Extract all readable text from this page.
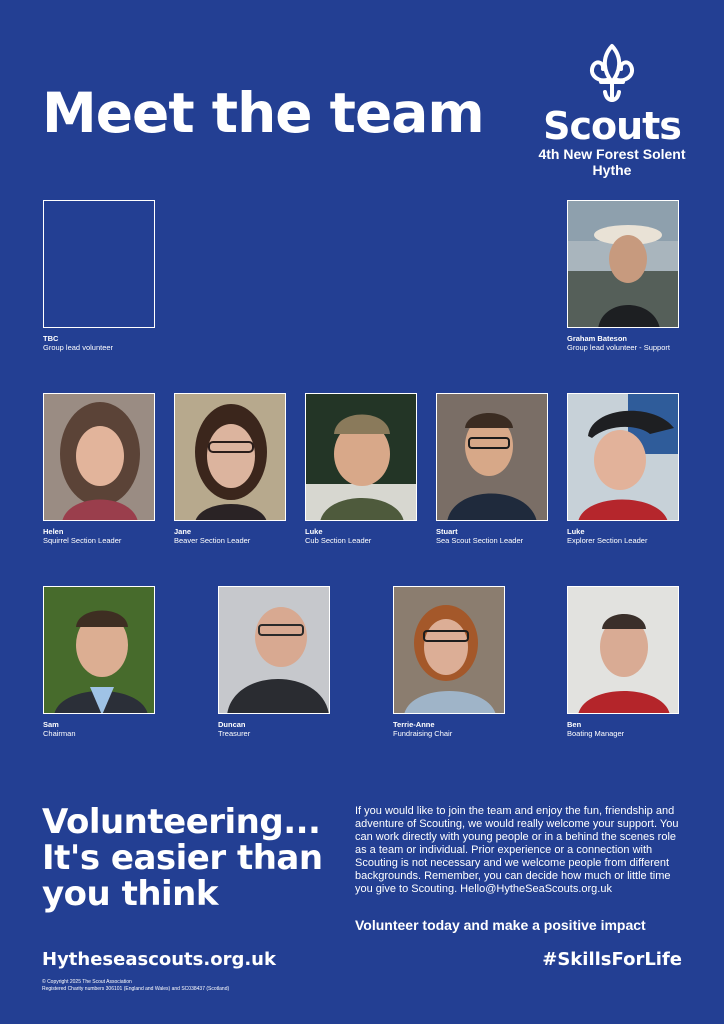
Meet the team Scouts
4th New Forest Solent
Hythe
TBC
Group lead volunteer
Graham Bateson
Group lead volunteer - Support
Helen
Squirrel Section Leader
Jane
Beaver Section Leader
Luke
Cub Section Leader
Stuart
Sea Scout Section Leader
Luke
Explorer Section Leader
Sam
Chairman
Duncan
Treasurer
Terrie-Anne
Fundraising Chair
Ben
Boating Manager
Volunteering...
It's easier than
you think

If you would like to join the team and enjoy the fun, friendship and adventure of Scouting, we would really welcome your support. You can work directly with young people or in a behind the scenes role as a team or individual. Prior experience or a connection with Scouting is not necessary and we welcome people from different backgrounds. Remember, you can decide how much or little time you give to Scouting. Hello@HytheSeaScouts.org.uk

Volunteer today and make a positive impact
Hytheseascouts.org.uk	#SkillsForLife
© Copyright 2025 The Scout Association
Registered Charity numbers 306101 (England and Wales) and SC038437 (Scotland)
